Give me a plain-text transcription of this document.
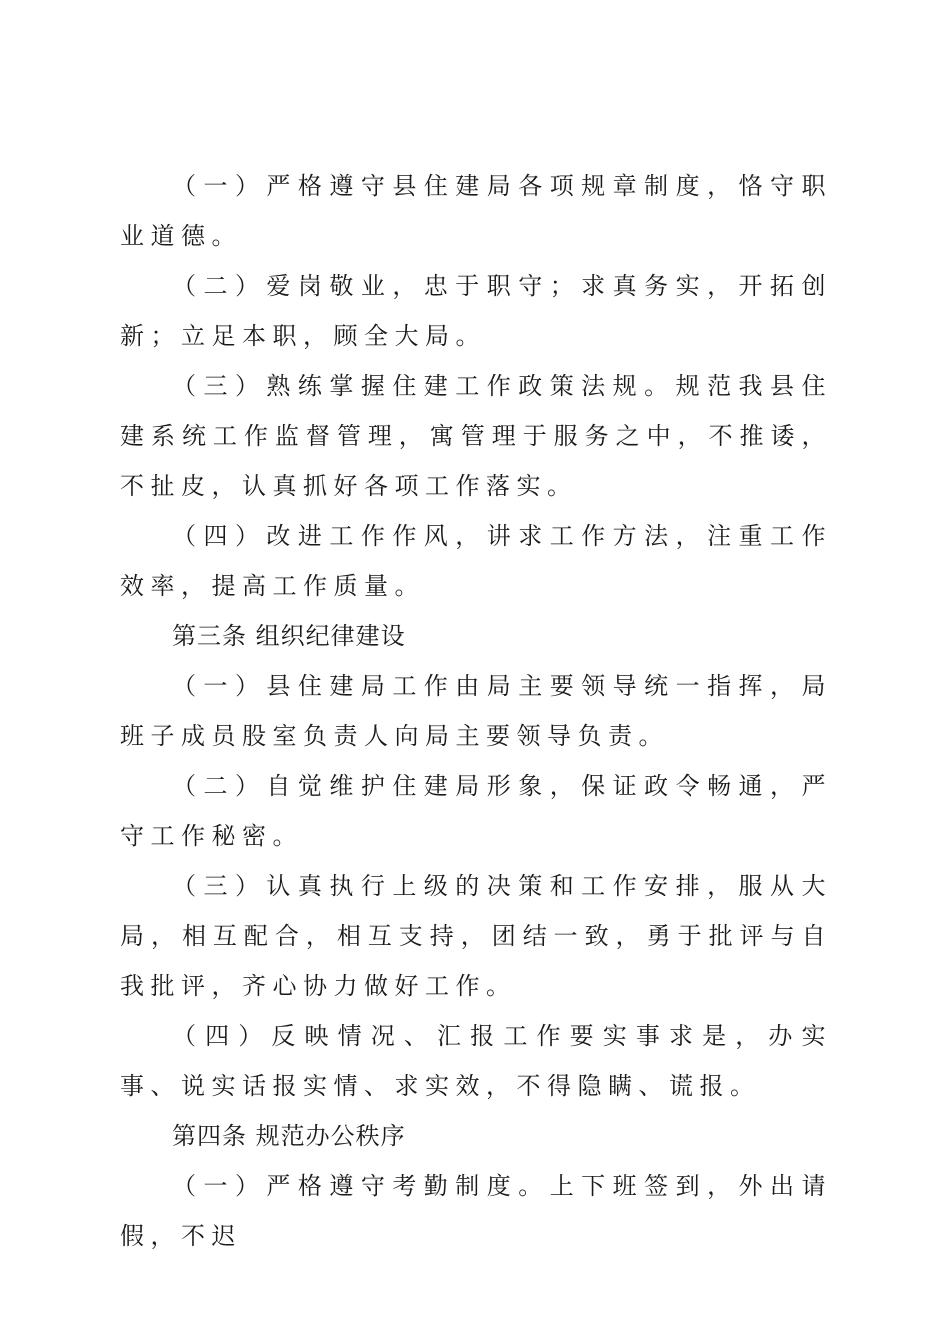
（一）严格遵守县住建局各项规章制度，恪守职业道德。

（二）爱岗敬业，忠于职守；求真务实，开拓创新；立足本职，顾全大局。

（三）熟练掌握住建工作政策法规。规范我县住建系统工作监督管理，寓管理于服务之中，不推诿，不扯皮，认真抓好各项工作落实。

（四）改进工作作风，讲求工作方法，注重工作效率，提高工作质量。

第三条 组织纪律建设

（一）县住建局工作由局主要领导统一指挥，局班子成员股室负责人向局主要领导负责。

（二）自觉维护住建局形象，保证政令畅通，严守工作秘密。

（三）认真执行上级的决策和工作安排，服从大局，相互配合，相互支持，团结一致，勇于批评与自我批评，齐心协力做好工作。

（四）反映情况、汇报工作要实事求是，办实事、说实话报实情、求实效，不得隐瞒、谎报。

第四条 规范办公秩序

（一）严格遵守考勤制度。上下班签到，外出请假，不迟
